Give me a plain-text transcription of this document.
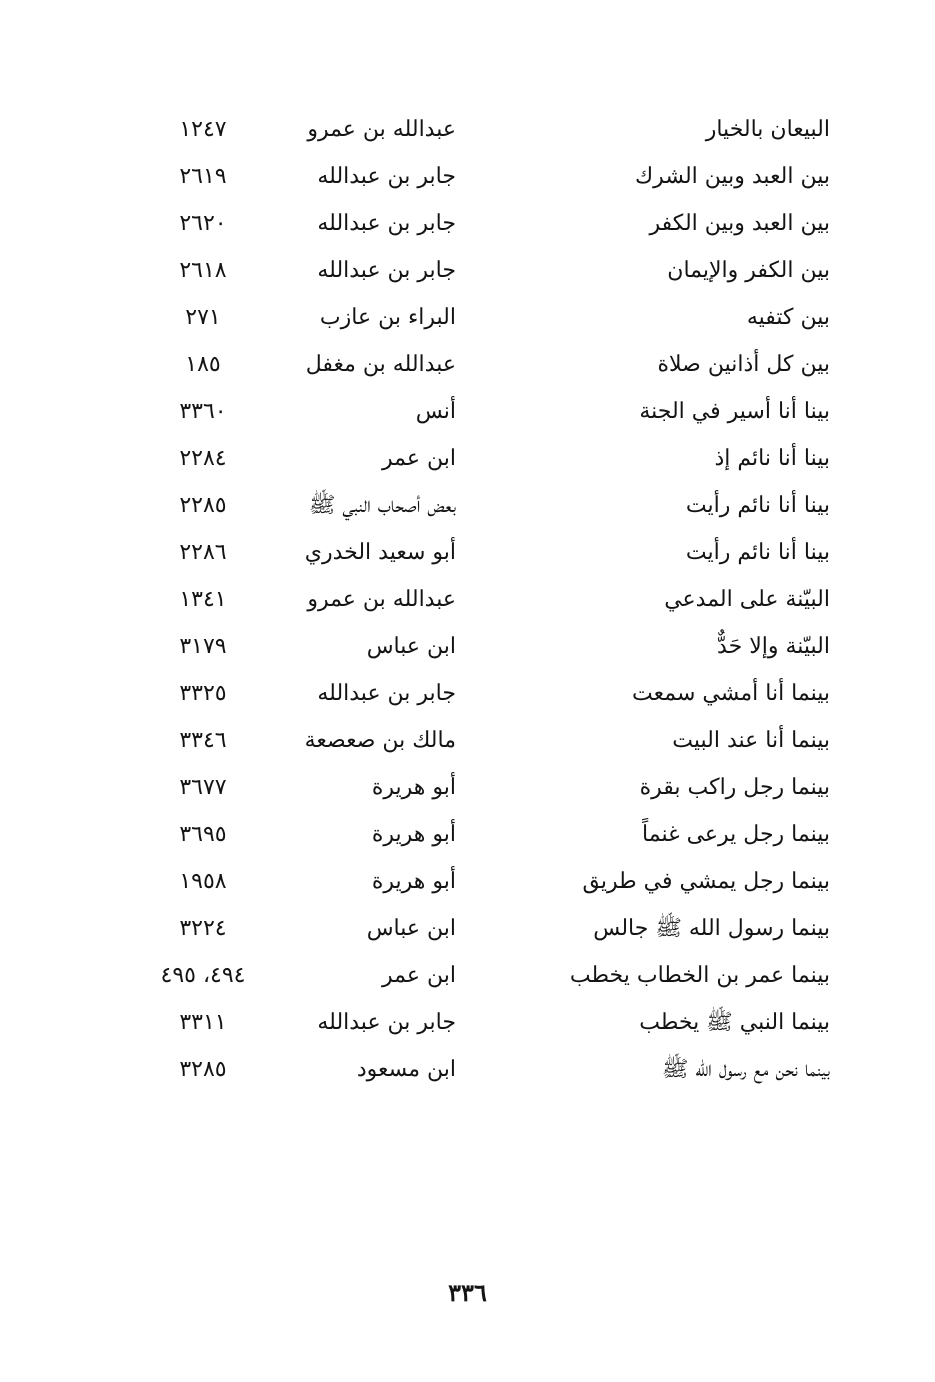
البيعان بالخيار
عبدالله بن عمرو
١٢٤٧
بين العبد وبين الشرك
جابر بن عبدالله
٢٦١٩
بين العبد وبين الكفر
جابر بن عبدالله
٢٦٢٠
بين الكفر والإيمان
جابر بن عبدالله
٢٦١٨
بين كتفيه
البراء بن عازب
٢٧١
بين كل أذانين صلاة
عبدالله بن مغفل
١٨٥
بينا أنا أسير في الجنة
أنس
٣٣٦٠
بينا أنا نائم إذ
ابن عمر
٢٢٨٤
بينا أنا نائم رأيت
بعض أصحاب النبي ﷺ
٢٢٨٥
بينا أنا نائم رأيت
أبو سعيد الخدري
٢٢٨٦
البيّنة على المدعي
عبدالله بن عمرو
١٣٤١
البيّنة وإلا حَدٌّ
ابن عباس
٣١٧٩
بينما أنا أمشي سمعت
جابر بن عبدالله
٣٣٢٥
بينما أنا عند البيت
مالك بن صعصعة
٣٣٤٦
بينما رجل راكب بقرة
أبو هريرة
٣٦٧٧
بينما رجل يرعى غنماً
أبو هريرة
٣٦٩٥
بينما رجل يمشي في طريق
أبو هريرة
١٩٥٨
بينما رسول الله ﷺ جالس
ابن عباس
٣٢٢٤
بينما عمر بن الخطاب يخطب
ابن عمر
٤٩٤، ٤٩٥
بينما النبي ﷺ يخطب
جابر بن عبدالله
٣٣١١
بينما نحن مع رسول الله ﷺ
ابن مسعود
٣٢٨٥
٣٣٦
